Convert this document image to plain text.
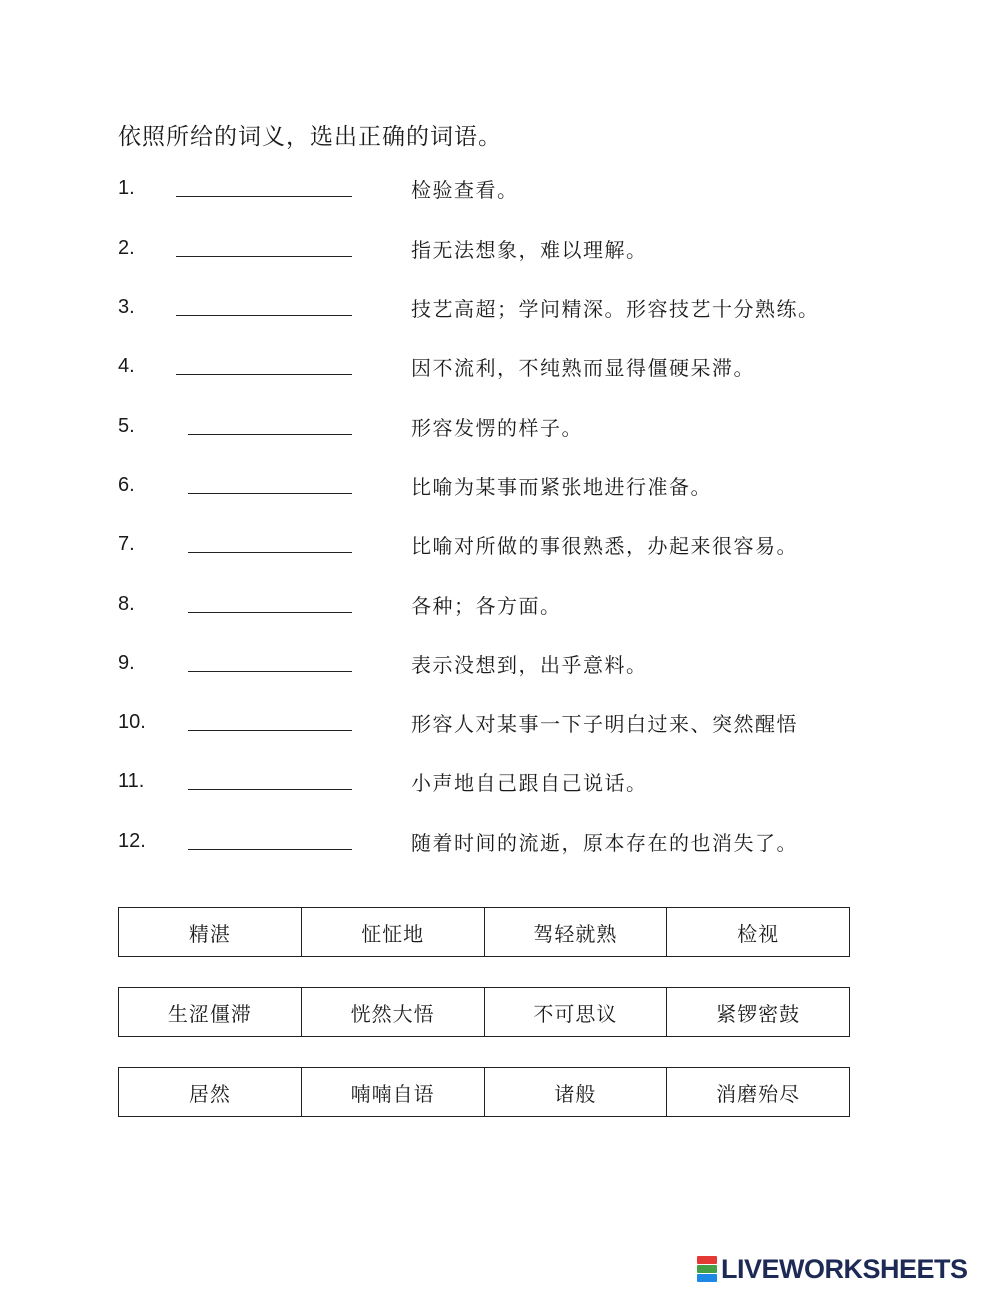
依照所给的词义，选出正确的词语。
1.	检验查看。
2.	指无法想象，难以理解。
3.	技艺高超；学问精深。形容技艺十分熟练。
4.	因不流利，不纯熟而显得僵硬呆滞。
5.	形容发愣的样子。
6.	比喻为某事而紧张地进行准备。
7.	比喻对所做的事很熟悉，办起来很容易。
8.	各种；各方面。
9.	表示没想到，出乎意料。
10.	形容人对某事一下子明白过来、突然醒悟
11.	小声地自己跟自己说话。
12.	随着时间的流逝，原本存在的也消失了。
精湛	怔怔地	驾轻就熟	检视
生涩僵滞	恍然大悟	不可思议	紧锣密鼓
居然	喃喃自语	诸般	消磨殆尽
LIVEWORKSHEETS
